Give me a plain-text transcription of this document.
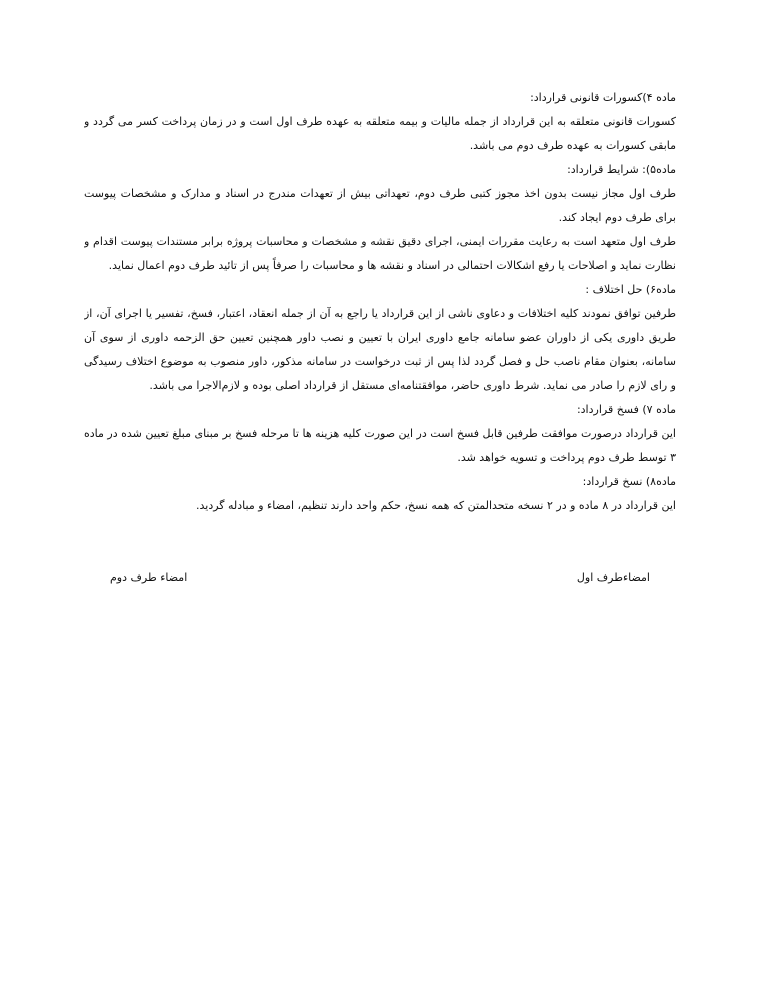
ماده ۴)کسورات قانونی قرارداد:
کسورات قانونی متعلقه به این قرارداد از جمله مالیات و بیمه متعلقه به عهده طرف اول است و در زمان پرداخت کسر می گردد و
مابقی کسورات به عهده طرف دوم می باشد.
ماده۵): شرایط قرارداد:
طرف اول مجاز نیست بدون اخذ مجوز کتبی طرف دوم، تعهداتی بیش از تعهدات مندرج در اسناد و مدارک و مشخصات پیوست
برای طرف دوم ایجاد کند.
طرف اول متعهد است به رعایت مقررات ایمنی، اجرای دقیق نقشه و مشخصات و محاسبات پروژه برابر مستندات پیوست اقدام و
نظارت نماید و اصلاحات یا رفع اشکالات احتمالی در اسناد و نقشه ها و محاسبات را صرفاً پس از تائید طرف دوم اعمال نماید.
ماده۶) حل اختلاف :
طرفین توافق نمودند کلیه اختلافات و دعاوی ناشی از این قرارداد یا راجع به آن از جمله انعقاد، اعتبار، فسخ، تفسیر یا اجرای آن، از
طریق داوری یکی از داوران عضو سامانه جامع داوری ایران با تعیین و نصب داور همچنین تعیین حق الزحمه داوری از سوی آن
سامانه، بعنوان مقام ناصب حل و فصل گردد لذا پس از ثبت درخواست در سامانه مذکور، داور منصوب به موضوع اختلاف رسیدگی
و رای لازم را صادر می نماید. شرط داوری حاضر، موافقتنامه‌ای مستقل از قرارداد اصلی بوده و لازم‌الاجرا می باشد.
ماده ۷) فسخ قرارداد:
این قرارداد درصورت موافقت طرفین قابل فسخ است در این صورت کلیه هزینه ها تا مرحله فسخ بر مبنای مبلغ تعیین شده در ماده
۳ توسط طرف دوم پرداخت و تسویه خواهد شد.
ماده۸) نسخ قرارداد:
این قرارداد در ۸ ماده و در ۲ نسخه متحدالمتن که همه نسخ، حکم واحد دارند تنظیم، امضاء و مبادله گردید.
امضاءطرف اول
امضاء طرف دوم
